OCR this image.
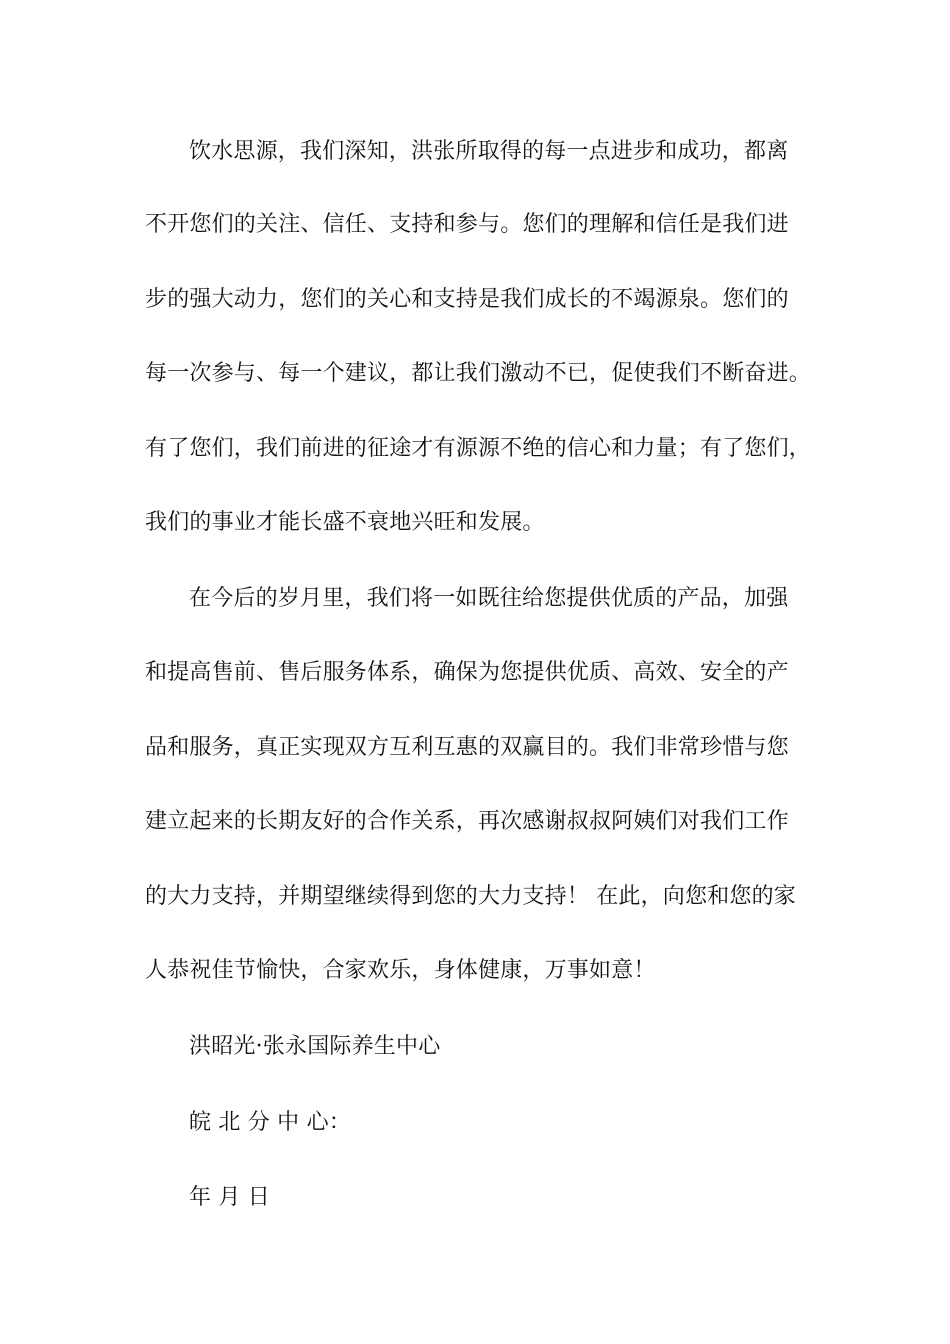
饮水思源，我们深知，洪张所取得的每一点进步和成功，都离
不开您们的关注、信任、支持和参与。您们的理解和信任是我们进
步的强大动力，您们的关心和支持是我们成长的不竭源泉。您们的
每一次参与、每一个建议，都让我们激动不已，促使我们不断奋进。
有了您们，我们前进的征途才有源源不绝的信心和力量；有了您们，
我们的事业才能长盛不衰地兴旺和发展。
在今后的岁月里，我们将一如既往给您提供优质的产品，加强
和提高售前、售后服务体系，确保为您提供优质、高效、安全的产
品和服务，真正实现双方互利互惠的双赢目的。我们非常珍惜与您
建立起来的长期友好的合作关系，再次感谢叔叔阿姨们对我们工作
的大力支持，并期望继续得到您的大力支持！ 在此，向您和您的家
人恭祝佳节愉快，合家欢乐，身体健康，万事如意！
洪昭光·张永国际养生中心
皖 北 分 中 心：
年 月 日
